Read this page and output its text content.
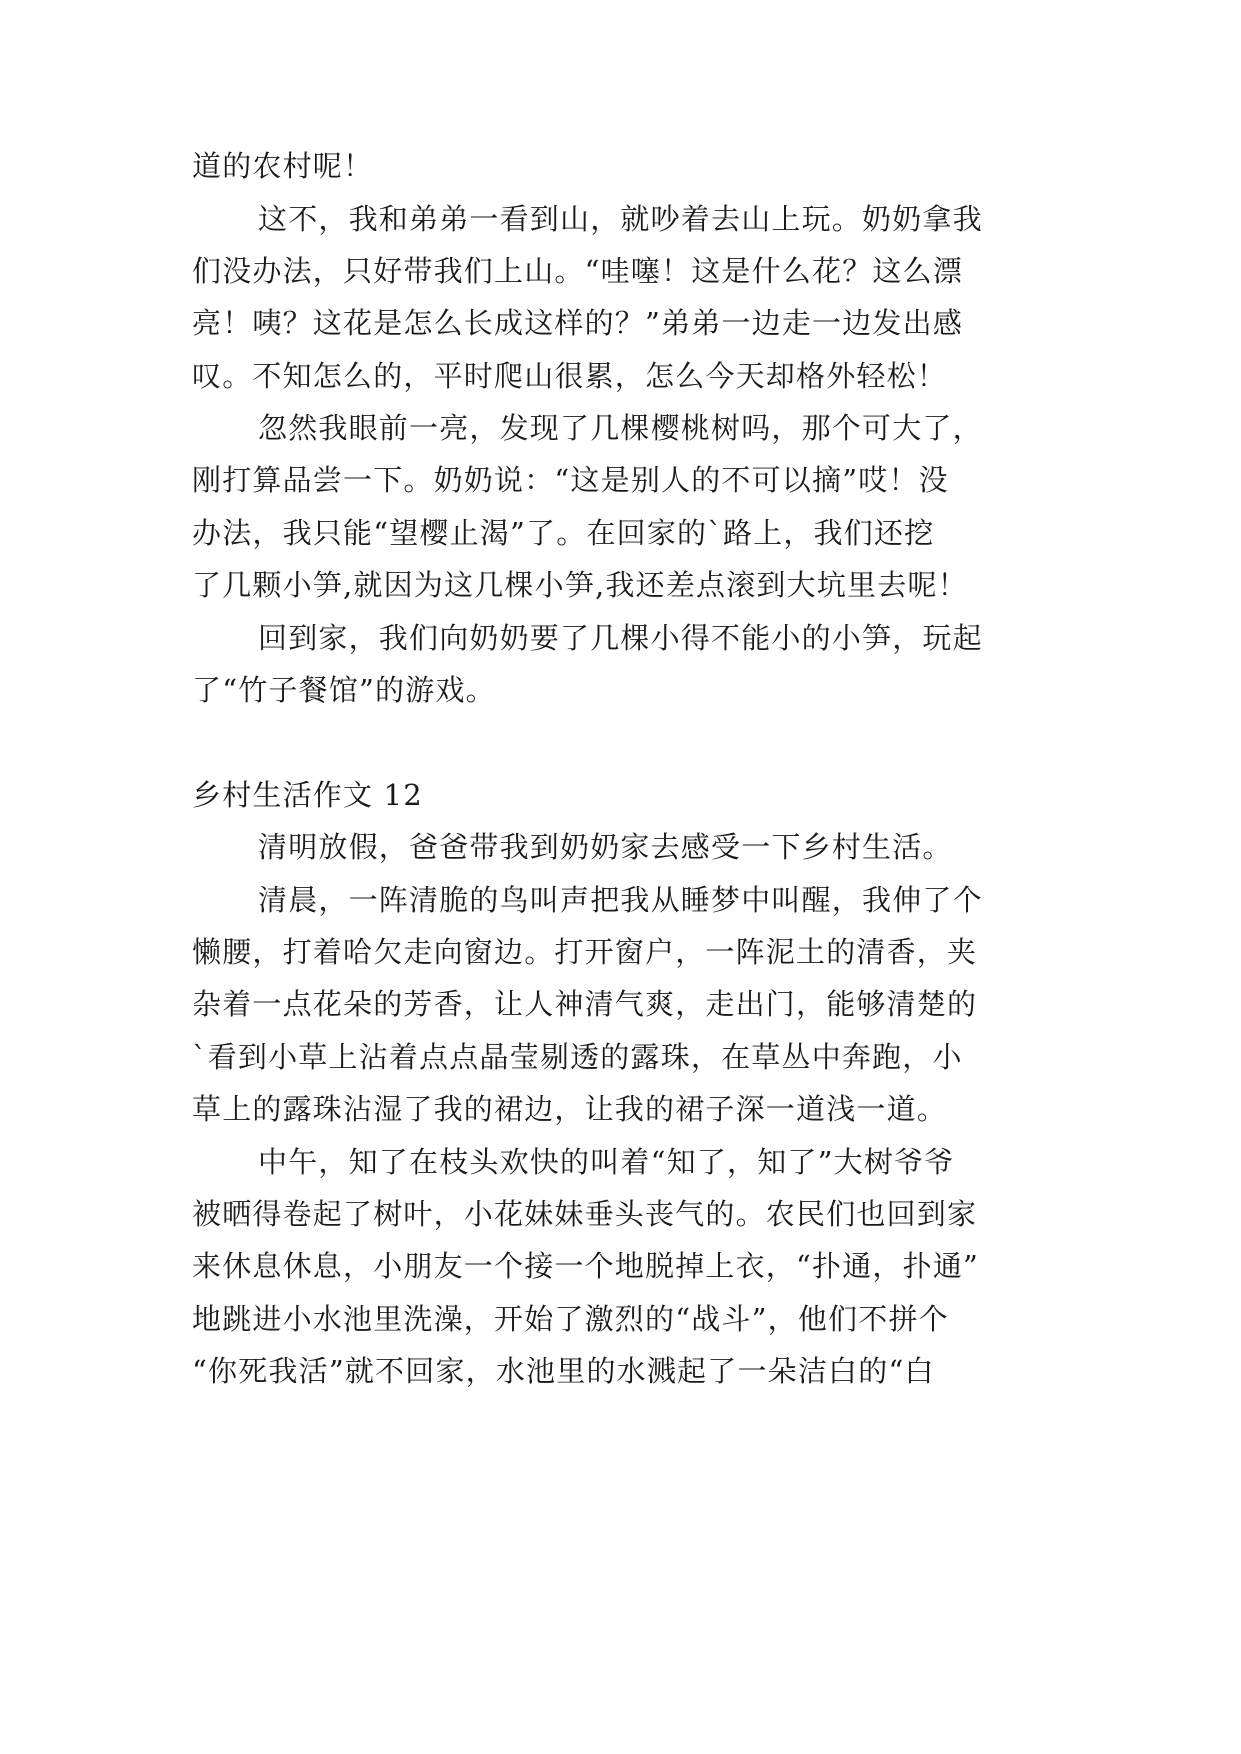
道的农村呢！
这不，我和弟弟一看到山，就吵着去山上玩。奶奶拿我
们没办法，只好带我们上山。“哇噻！这是什么花？这么漂
亮！咦？这花是怎么长成这样的？”弟弟一边走一边发出感
叹。不知怎么的，平时爬山很累，怎么今天却格外轻松！
忽然我眼前一亮，发现了几棵樱桃树吗，那个可大了，
刚打算品尝一下。奶奶说：“这是别人的不可以摘”哎！没
办法，我只能“望樱止渴”了。在回家的`路上，我们还挖
了几颗小笋,就因为这几棵小笋,我还差点滚到大坑里去呢！
回到家，我们向奶奶要了几棵小得不能小的小笋，玩起
了“竹子餐馆”的游戏。
乡村生活作文 12
清明放假，爸爸带我到奶奶家去感受一下乡村生活。
清晨，一阵清脆的鸟叫声把我从睡梦中叫醒，我伸了个
懒腰，打着哈欠走向窗边。打开窗户，一阵泥土的清香，夹
杂着一点花朵的芳香，让人神清气爽，走出门，能够清楚的
`看到小草上沾着点点晶莹剔透的露珠，在草丛中奔跑，小
草上的露珠沾湿了我的裙边，让我的裙子深一道浅一道。
中午，知了在枝头欢快的叫着“知了，知了”大树爷爷
被晒得卷起了树叶，小花妹妹垂头丧气的。农民们也回到家
来休息休息，小朋友一个接一个地脱掉上衣，“扑通，扑通”
地跳进小水池里洗澡，开始了激烈的“战斗”，他们不拼个
“你死我活”就不回家，水池里的水溅起了一朵洁白的“白
